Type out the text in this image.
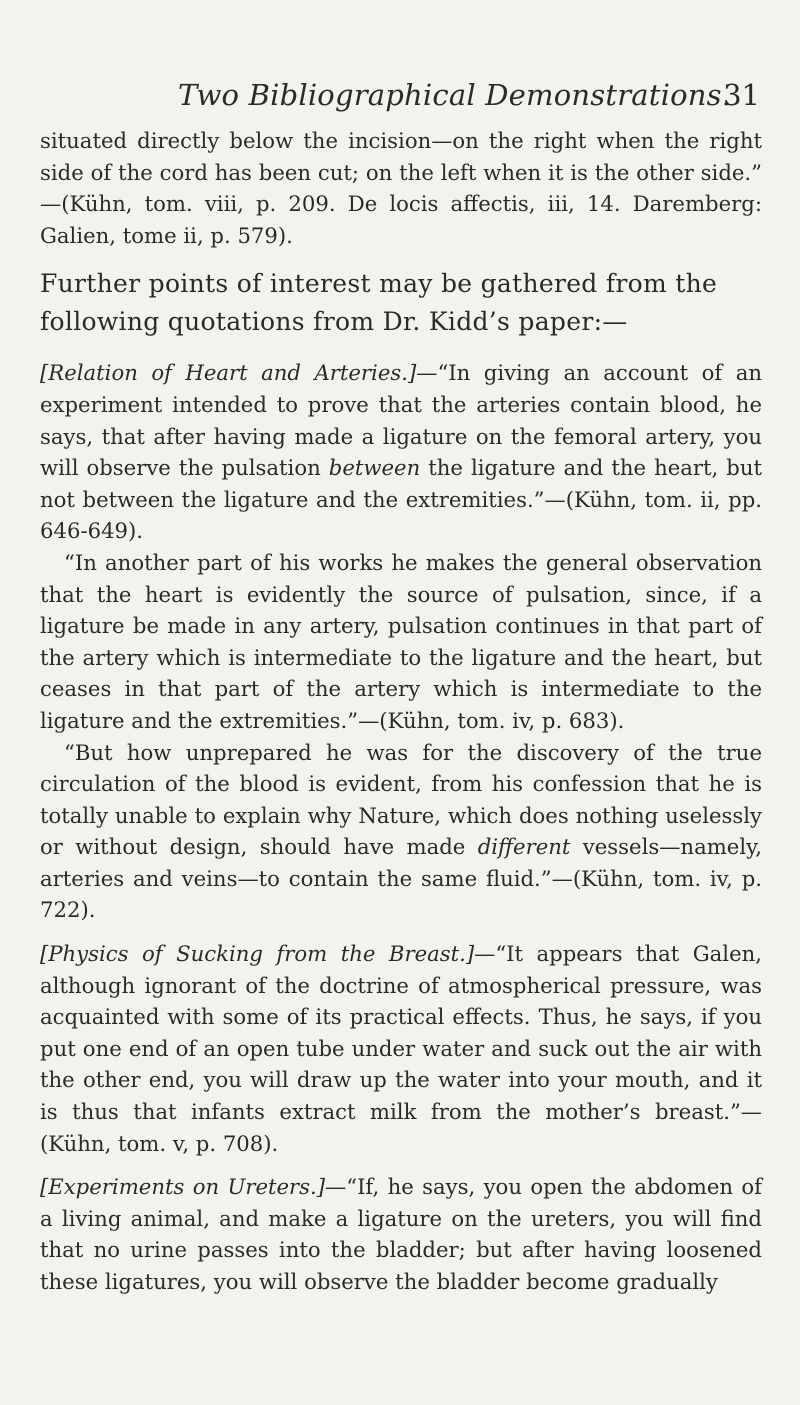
Two Bibliographical Demonstrations.
31

situated directly below the incision—on the right when the right side of the cord has been cut; on the left when it is the other side.” —(Kühn, tom. viii, p. 209. De locis affectis, iii, 14. Daremberg: Galien, tome ii, p. 579).

Further points of interest may be gathered from the following quotations from Dr. Kidd’s paper:—

[Relation of Heart and Arteries.]—“In giving an account of an experiment intended to prove that the arteries contain blood, he says, that after having made a ligature on the femoral artery, you will observe the pulsation between the ligature and the heart, but not between the ligature and the extremities.”—(Kühn, tom. ii, pp. 646-649).

“In another part of his works he makes the general observation that the heart is evidently the source of pulsation, since, if a ligature be made in any artery, pulsation continues in that part of the artery which is intermediate to the ligature and the heart, but ceases in that part of the artery which is intermediate to the ligature and the extremities.”—(Kühn, tom. iv, p. 683).

“But how unprepared he was for the discovery of the true circulation of the blood is evident, from his confession that he is totally unable to explain why Nature, which does nothing uselessly or without design, should have made different vessels—namely, arteries and veins—to contain the same fluid.”—(Kühn, tom. iv, p. 722).

[Physics of Sucking from the Breast.]—“It appears that Galen, although ignorant of the doctrine of atmospherical pressure, was acquainted with some of its practical effects. Thus, he says, if you put one end of an open tube under water and suck out the air with the other end, you will draw up the water into your mouth, and it is thus that infants extract milk from the mother’s breast.”—(Kühn, tom. v, p. 708).

[Experiments on Ureters.]—“If, he says, you open the abdomen of a living animal, and make a ligature on the ureters, you will find that no urine passes into the bladder; but after having loosened these ligatures, you will observe the bladder become gradually
